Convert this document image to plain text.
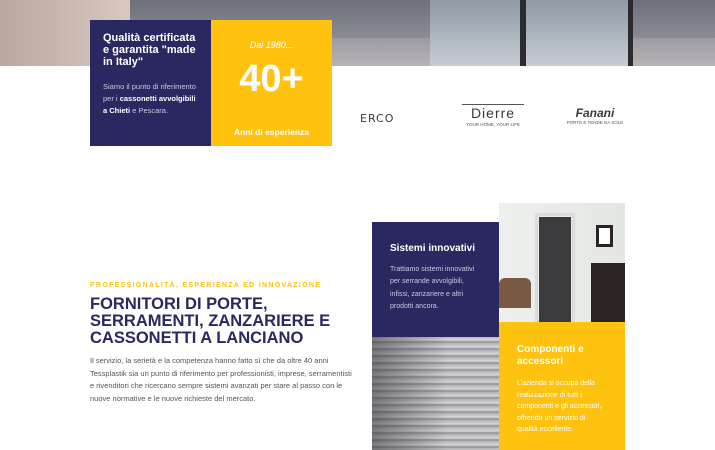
Qualità certificata e garantita "made in Italy"

Siamo il punto di riferimento per i cassonetti avvolgibili a Chieti e Pescara.

Dal 1980...
40+
Anni di esperienza
ERCO	Dierre
YOUR HOME, YOUR LIFE
Fanani
PORTE E TENDE DA SOLE
PROFESSIONALITÀ, ESPERIENZA ED INNOVAZIONE
FORNITORI DI PORTE, SERRAMENTI, ZANZARIERE E CASSONETTI A LANCIANO

Il servizio, la serietà e la competenza hanno fatto sì che da oltre 40 anni Tessplastik sia un punto di riferimento per professionisti, imprese, serramentisti e rivenditori che ricercano sempre sistemi avanzati per stare al passo con le nuove normative e le nuove richieste del mercato.

Sistemi innovativi

Trattiamo sistemi innovativi per serrande avvolgibili, infissi, zanzariere e altri prodotti ancora.

Componenti e accessori

L'azienda si occupa della realizzazione di tutti i componenti e gli accessori, offrendo un servizio di qualità eccellente.
